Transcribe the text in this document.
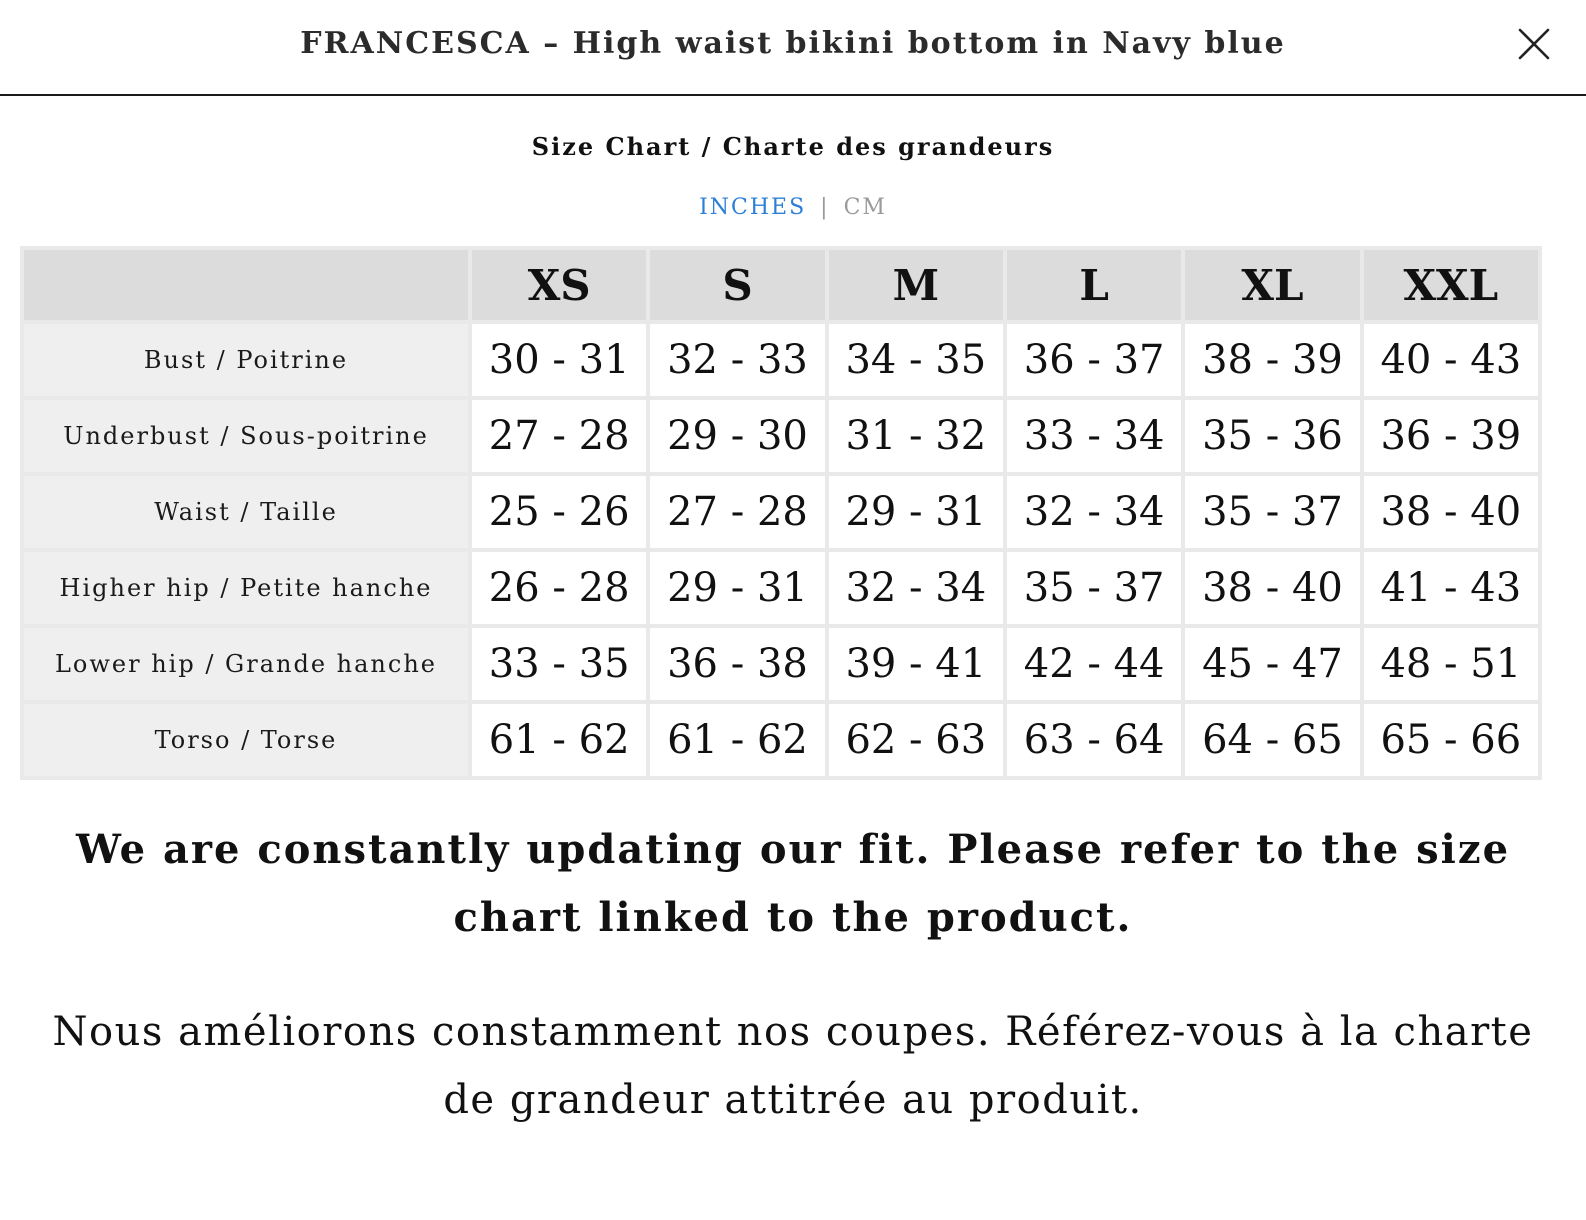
FRANCESCA – High waist bikini bottom in Navy blue
Size Chart / Charte des grandeurs
INCHES | CM
	XS	S	M	L	XL	XXL
Bust / Poitrine	30 - 31	32 - 33	34 - 35	36 - 37	38 - 39	40 - 43
Underbust / Sous-poitrine	27 - 28	29 - 30	31 - 32	33 - 34	35 - 36	36 - 39
Waist / Taille	25 - 26	27 - 28	29 - 31	32 - 34	35 - 37	38 - 40
Higher hip / Petite hanche	26 - 28	29 - 31	32 - 34	35 - 37	38 - 40	41 - 43
Lower hip / Grande hanche	33 - 35	36 - 38	39 - 41	42 - 44	45 - 47	48 - 51
Torso / Torse	61 - 62	61 - 62	62 - 63	63 - 64	64 - 65	65 - 66
We are constantly updating our fit. Please refer to the size chart linked to the product.
Nous améliorons constamment nos coupes. Référez-vous à la charte de grandeur attitrée au produit.
